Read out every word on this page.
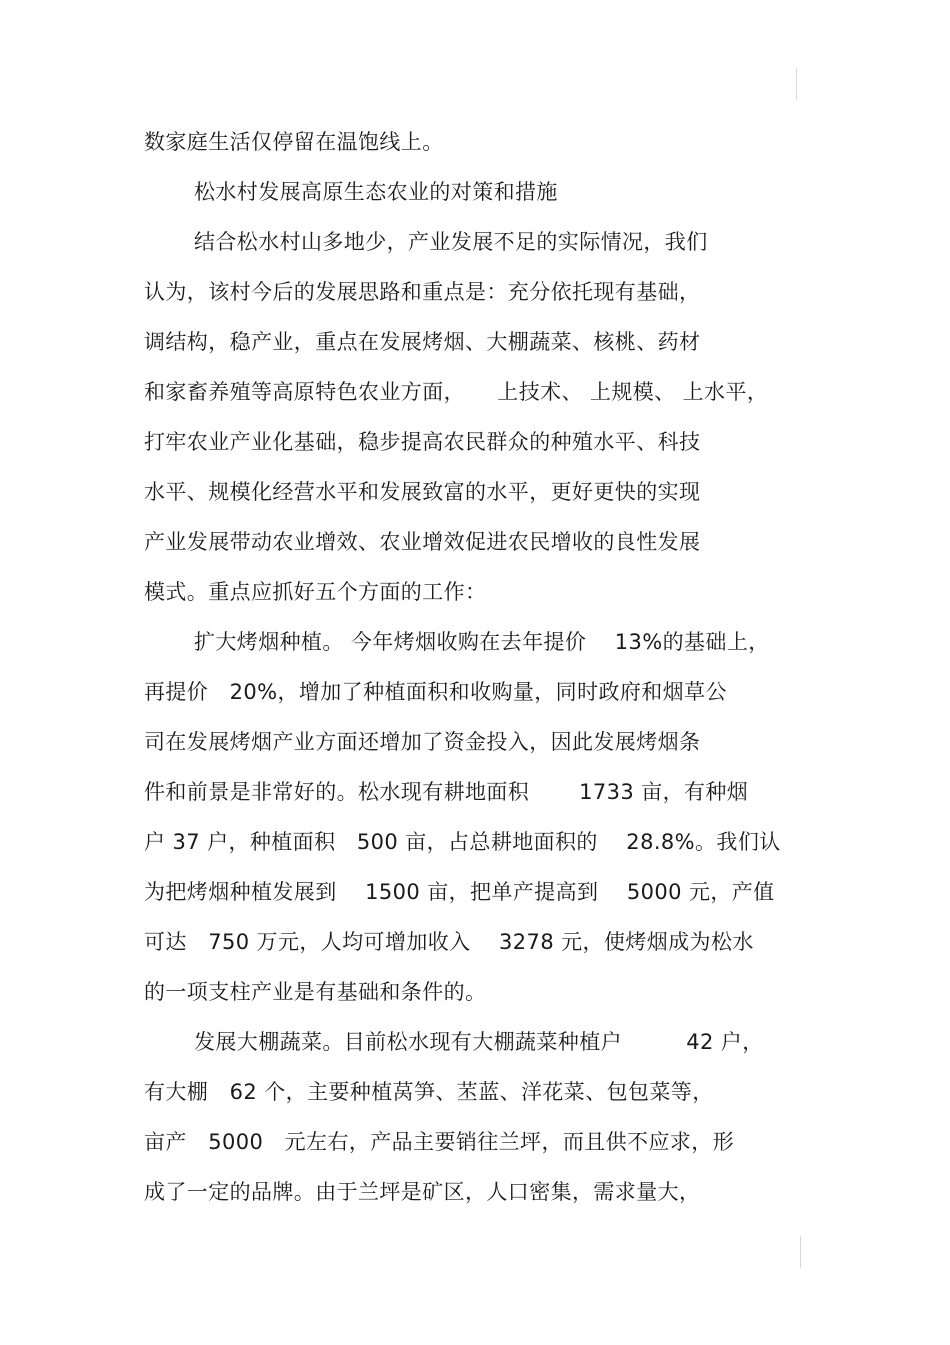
数家庭生活仅停留在温饱线上。

松水村发展高原生态农业的对策和措施

结合松水村山多地少，产业发展不足的实际情况，我们

认为，该村今后的发展思路和重点是：充分依托现有基础，

调结构，稳产业，重点在发展烤烟、大棚蔬菜、核桃、药材

和家畜养殖等高原特色农业方面，　　上技术、 上规模、 上水平，

打牢农业产业化基础，稳步提高农民群众的种殖水平、科技

水平、规模化经营水平和发展致富的水平，更好更快的实现

产业发展带动农业增效、农业增效促进农民增收的良性发展

模式。重点应抓好五个方面的工作：

扩大烤烟种植。 今年烤烟收购在去年提价　 13%的基础上，

再提价　20%，增加了种植面积和收购量，同时政府和烟草公

司在发展烤烟产业方面还增加了资金投入，因此发展烤烟条

件和前景是非常好的。松水现有耕地面积　　 1733 亩，有种烟

户 37 户，种植面积　500 亩，占总耕地面积的　 28.8%。我们认

为把烤烟种植发展到　 1500 亩，把单产提高到　 5000 元，产值

可达　750 万元，人均可增加收入　 3278 元，使烤烟成为松水

的一项支柱产业是有基础和条件的。

发展大棚蔬菜。目前松水现有大棚蔬菜种植户　　　42 户，

有大棚　62 个，主要种植莴笋、苤蓝、洋花菜、包包菜等，

亩产　5000　元左右，产品主要销往兰坪，而且供不应求，形

成了一定的品牌。由于兰坪是矿区，人口密集，需求量大，
